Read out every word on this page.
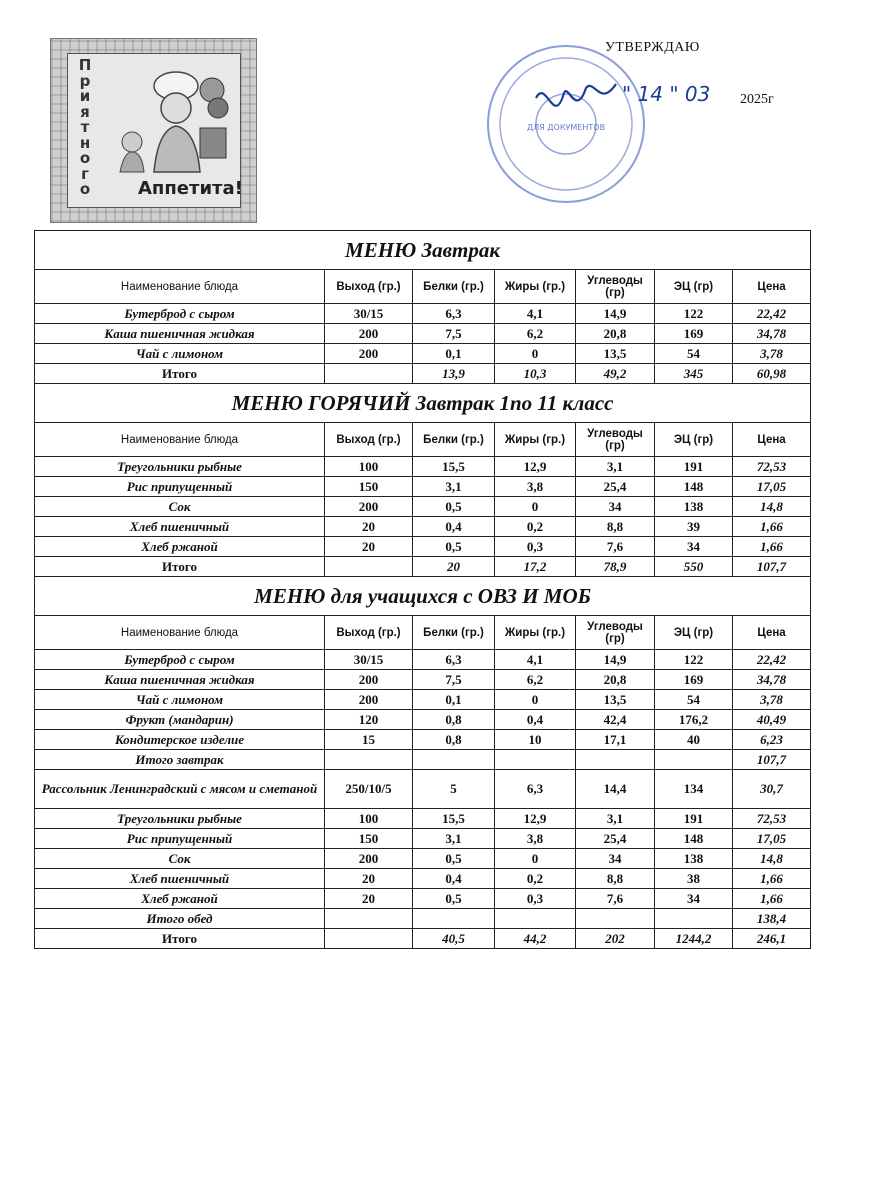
П
р
и
я
т
н
о
г
о	Аппетита!
ДЛЯ ДОКУМЕНТОВ
УТВЕРЖДАЮ
" 14 " 03 2025г
МЕНЮ Завтрак						
Наименование блюда	Выход (гр.)	Белки (гр.)	Жиры (гр.)	Углеводы (гр)	ЭЦ (гр)	Цена
Бутерброд с сыром	30/15	6,3	4,1	14,9	122	22,42
Каша пшеничная жидкая	200	7,5	6,2	20,8	169	34,78
Чай с лимоном	200	0,1	0	13,5	54	3,78
Итого		13,9	10,3	49,2	345	60,98
МЕНЮ ГОРЯЧИЙ Завтрак 1по 11 класс						
Наименование блюда	Выход (гр.)	Белки (гр.)	Жиры (гр.)	Углеводы (гр)	ЭЦ (гр)	Цена
Треугольники рыбные	100	15,5	12,9	3,1	191	72,53
Рис припущенный	150	3,1	3,8	25,4	148	17,05
Сок	200	0,5	0	34	138	14,8
Хлеб пшеничный	20	0,4	0,2	8,8	39	1,66
Хлеб ржаной	20	0,5	0,3	7,6	34	1,66
Итого		20	17,2	78,9	550	107,7
МЕНЮ для учащихся с ОВЗ И МОБ						
Наименование блюда	Выход (гр.)	Белки (гр.)	Жиры (гр.)	Углеводы (гр)	ЭЦ (гр)	Цена
Бутерброд с сыром	30/15	6,3	4,1	14,9	122	22,42
Каша пшеничная жидкая	200	7,5	6,2	20,8	169	34,78
Чай с лимоном	200	0,1	0	13,5	54	3,78
Фрукт (мандарин)	120	0,8	0,4	42,4	176,2	40,49
Кондитерское изделие	15	0,8	10	17,1	40	6,23
Итого завтрак						107,7
Рассольник Ленинградский с мясом и сметаной	250/10/5	5	6,3	14,4	134	30,7
Треугольники рыбные	100	15,5	12,9	3,1	191	72,53
Рис припущенный	150	3,1	3,8	25,4	148	17,05
Сок	200	0,5	0	34	138	14,8
Хлеб пшеничный	20	0,4	0,2	8,8	38	1,66
Хлеб ржаной	20	0,5	0,3	7,6	34	1,66
Итого обед						138,4
Итого		40,5	44,2	202	1244,2	246,1
